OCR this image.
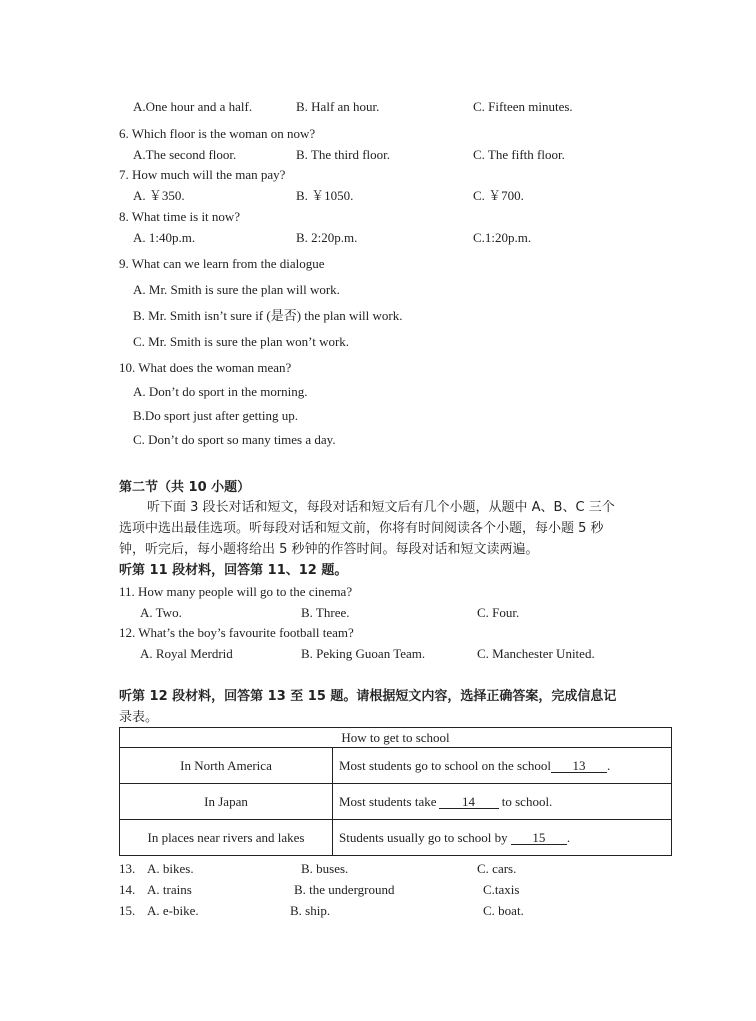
A.One hour and a half.	B. Half an hour.	C. Fifteen minutes.
6. Which floor is the woman on now?
A.The second floor.	B. The third floor.	C. The fifth floor.
7. How much will the man pay?
A. ￥350.	B. ￥1050.	C. ￥700.
8. What time is it now?
A. 1:40p.m.	B. 2:20p.m.	C.1:20p.m.
9. What can we learn from the dialogue
A. Mr. Smith is sure the plan will work.
B. Mr. Smith isn’t sure if (是否) the plan will work.
C. Mr. Smith is sure the plan won’t work.
10. What does the woman mean?
A. Don’t do sport in the morning.
B.Do sport just after getting up.
C. Don’t do sport so many times a day.
第二节（共 10 小题）
听下面 3 段长对话和短文，每段对话和短文后有几个小题，从题中 A、B、C 三个
选项中选出最佳选项。听每段对话和短文前，你将有时间阅读各个小题，每小题 5 秒
钟，听完后，每小题将给出 5 秒钟的作答时间。每段对话和短文读两遍。
听第 11 段材料，回答第 11、12 题。
11. How many people will go to the cinema?
A. Two.	B. Three.	C. Four.
12. What’s the boy’s favourite football team?
A. Royal Merdrid	B. Peking Guoan Team.	C. Manchester United.
听第 12 段材料，回答第 13 至 15 题。请根据短文内容，选择正确答案，完成信息记
录表。
How to get to school	
In North America	Most students go to school on the school 13 .
In Japan	Most students take 14 to school.
In places near rivers and lakes	Students usually go to school by 15 .
13. A. bikes.	B. buses.	C. cars.
14. A. trains	B. the underground	C.taxis
15. A. e-bike.	B. ship.	C. boat.
